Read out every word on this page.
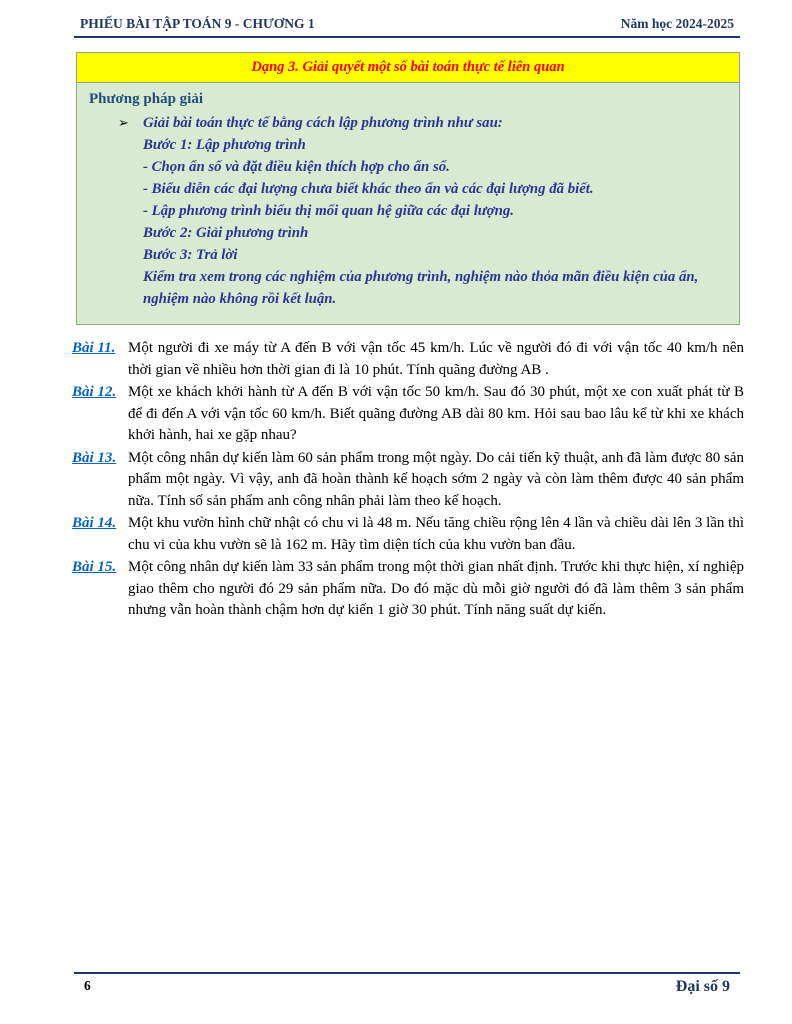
PHIẾU BÀI TẬP TOÁN 9 - CHƯƠNG 1	Năm học 2024-2025
Dạng 3. Giải quyết một số bài toán thực tế liên quan
Phương pháp giải
➢ Giải bài toán thực tế bằng cách lập phương trình như sau:
Bước 1: Lập phương trình
- Chọn ẩn số và đặt điều kiện thích hợp cho ẩn số.
- Biểu diễn các đại lượng chưa biết khác theo ẩn và các đại lượng đã biết.
- Lập phương trình biểu thị mối quan hệ giữa các đại lượng.
Bước 2: Giải phương trình
Bước 3: Trả lời
Kiểm tra xem trong các nghiệm của phương trình, nghiệm nào thỏa mãn điều kiện của ẩn, nghiệm nào không rồi kết luận.
Bài 11. Một người đi xe máy từ A đến B với vận tốc 45 km/h. Lúc về người đó đi với vận tốc 40 km/h nên thời gian về nhiều hơn thời gian đi là 10 phút. Tính quãng đường AB .
Bài 12. Một xe khách khởi hành từ A đến B với vận tốc 50 km/h. Sau đó 30 phút, một xe con xuất phát từ B để đi đến A với vận tốc 60 km/h. Biết quãng đường AB dài 80 km. Hỏi sau bao lâu kể từ khi xe khách khởi hành, hai xe gặp nhau?
Bài 13. Một công nhân dự kiến làm 60 sản phẩm trong một ngày. Do cải tiến kỹ thuật, anh đã làm được 80 sản phẩm một ngày. Vì vậy, anh đã hoàn thành kế hoạch sớm 2 ngày và còn làm thêm được 40 sản phẩm nữa. Tính số sản phẩm anh công nhân phải làm theo kế hoạch.
Bài 14. Một khu vườn hình chữ nhật có chu vi là 48 m. Nếu tăng chiều rộng lên 4 lần và chiều dài lên 3 lần thì chu vi của khu vườn sẽ là 162 m. Hãy tìm diện tích của khu vườn ban đầu.
Bài 15. Một công nhân dự kiến làm 33 sản phẩm trong một thời gian nhất định. Trước khi thực hiện, xí nghiệp giao thêm cho người đó 29 sản phẩm nữa. Do đó mặc dù mỗi giờ người đó đã làm thêm 3 sản phẩm nhưng vẫn hoàn thành chậm hơn dự kiến 1 giờ 30 phút. Tính năng suất dự kiến.
6	Đại số 9
